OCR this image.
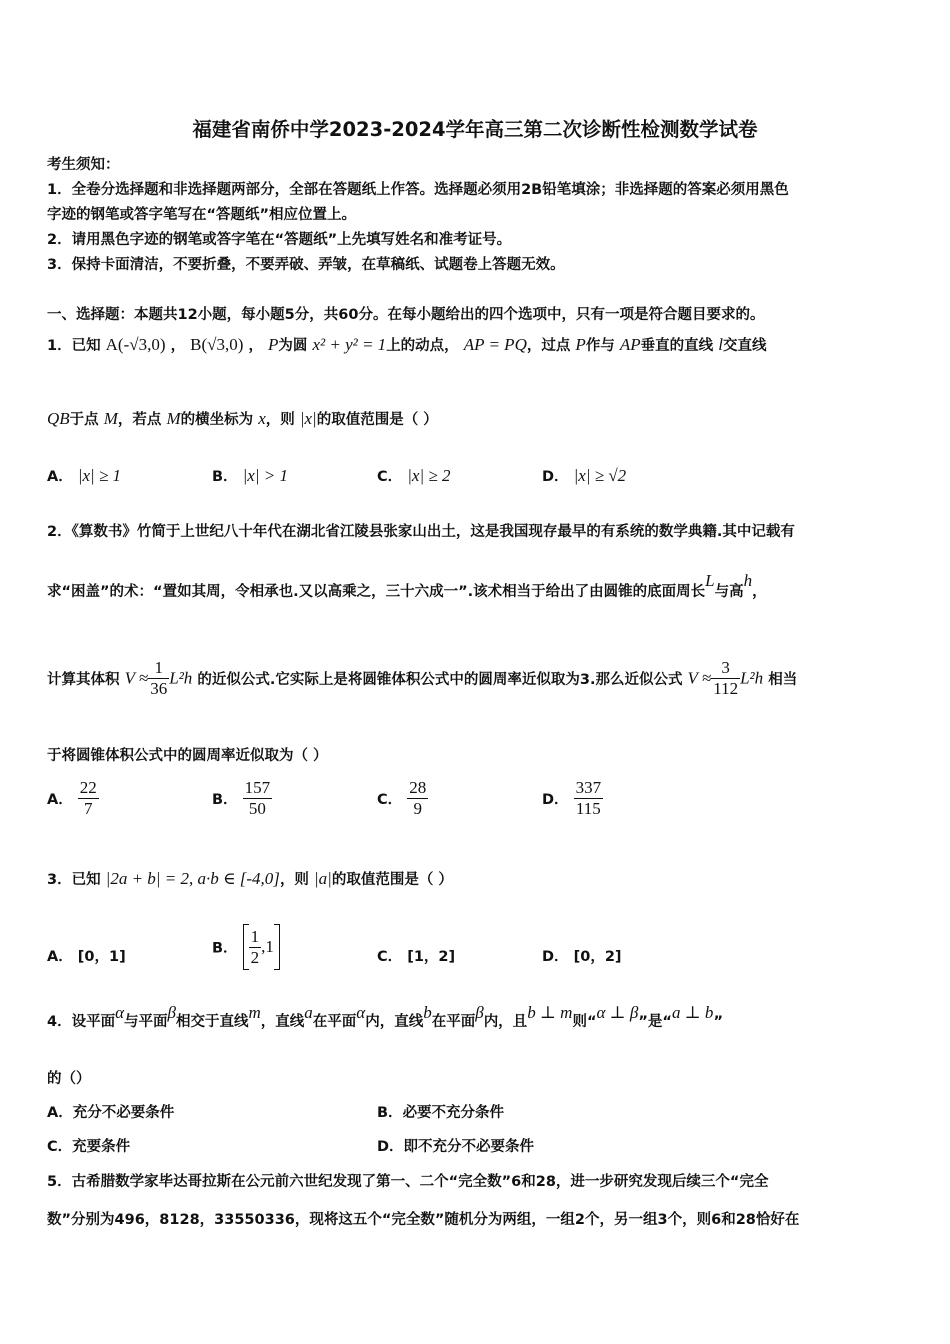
福建省南侨中学2023-2024学年高三第二次诊断性检测数学试卷
考生须知：
1．全卷分选择题和非选择题两部分，全部在答题纸上作答。选择题必须用2B铅笔填涂；非选择题的答案必须用黑色
字迹的钢笔或答字笔写在“答题纸”相应位置上。
2．请用黑色字迹的钢笔或答字笔在“答题纸”上先填写姓名和准考证号。
3．保持卡面清洁，不要折叠，不要弄破、弄皱，在草稿纸、试题卷上答题无效。
一、选择题：本题共12小题，每小题5分，共60分。在每小题给出的四个选项中，只有一项是符合题目要求的。
1．已知 A(-√3,0) ， B(√3,0) ， P为圆 x² + y² = 1上的动点， AP = PQ，过点 P作与 AP垂直的直线 l交直线
QB于点 M，若点 M的横坐标为 x，则 |x|的取值范围是（ ）
A． |x| ≥ 1	B． |x| > 1	C． |x| ≥ 2	D． |x| ≥ √2
2．《算数书》竹简于上世纪八十年代在湖北省江陵县张家山出土，这是我国现存最早的有系统的数学典籍.其中记载有
求“困盖”的术：“置如其周，令相承也.又以高乘之，三十六成一”.该术相当于给出了由圆锥的底面周长L与高h，
计算其体积 $V \approx \frac{1}{36} L^2h$ 的近似公式.它实际上是将圆锥体积公式中的圆周率近似取为3.那么近似公式 $V \approx \frac{3}{112} L^2h$ 相当
于将圆锥体积公式中的圆周率近似取为（ ）
A． $\frac{22}{7}$	B． $\frac{157}{50}$	C． $\frac{28}{9}$	D． $\frac{337}{115}$
3．已知 |2a + b| = 2, a·b ∈ [-4,0]，则 |a|的取值范围是（ ）
A． [0，1]
B． $\frac{1}{2} ,1$
C． [1，2]	D． [0，2]
4．设平面α与平面β相交于直线m，直线a在平面α内，直线b在平面β内，且b ⊥ m则“α ⊥ β”是“a ⊥ b”
的（）
A．充分不必要条件	B．必要不充分条件
C．充要条件	D．即不充分不必要条件
5．古希腊数学家毕达哥拉斯在公元前六世纪发现了第一、二个“完全数”6和28，进一步研究发现后续三个“完全
数”分别为496，8128，33550336，现将这五个“完全数”随机分为两组，一组2个，另一组3个，则6和28恰好在
